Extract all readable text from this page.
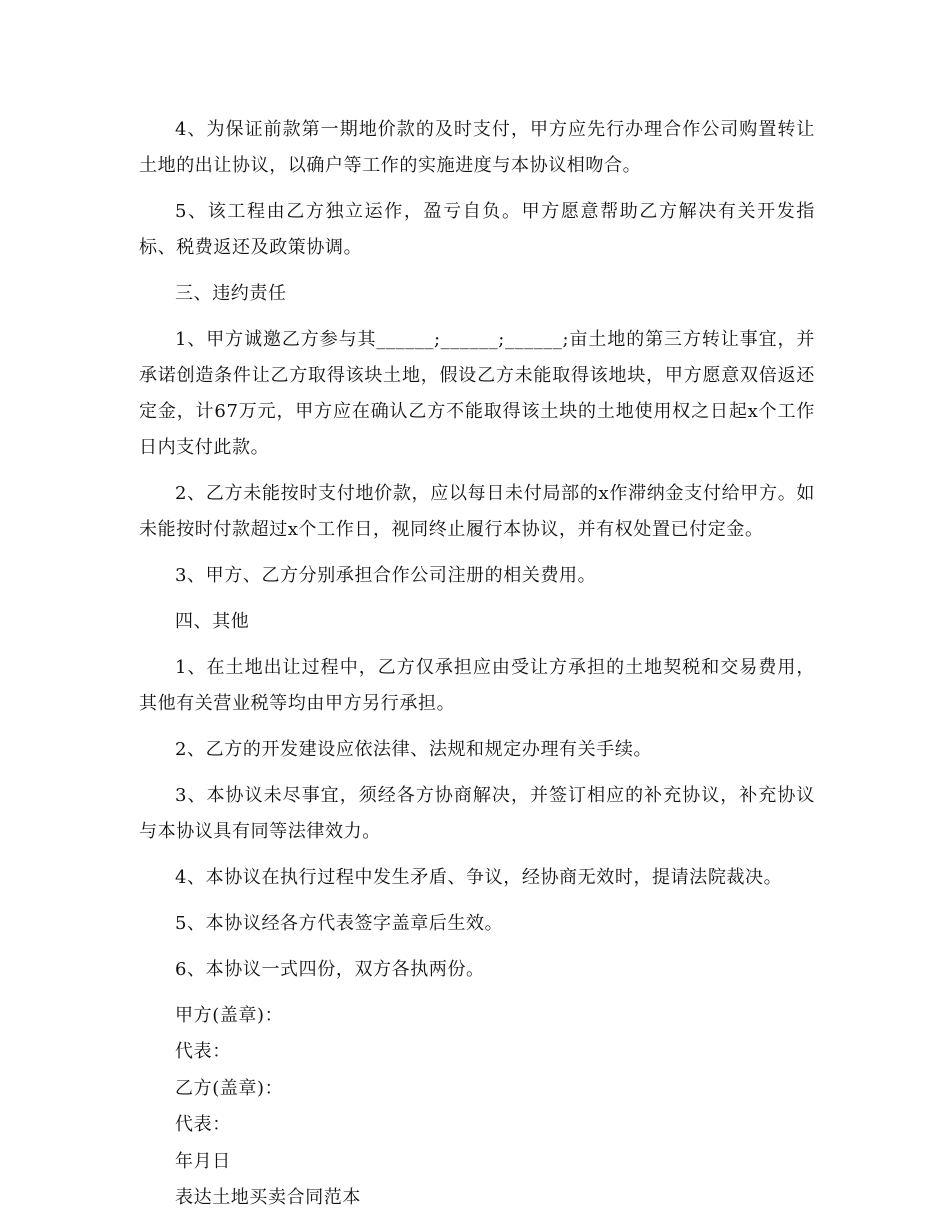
4、为保证前款第一期地价款的及时支付，甲方应先行办理合作公司购置转让土地的出让协议，以确户等工作的实施进度与本协议相吻合。

5、该工程由乙方独立运作，盈亏自负。甲方愿意帮助乙方解决有关开发指标、税费返还及政策协调。

三、违约责任

1、甲方诚邀乙方参与其______;______;______;亩土地的第三方转让事宜，并承诺创造条件让乙方取得该块土地，假设乙方未能取得该地块，甲方愿意双倍返还定金，计67万元，甲方应在确认乙方不能取得该土块的土地使用权之日起x个工作日内支付此款。

2、乙方未能按时支付地价款，应以每日未付局部的x作滞纳金支付给甲方。如未能按时付款超过x个工作日，视同终止履行本协议，并有权处置已付定金。

3、甲方、乙方分别承担合作公司注册的相关费用。

四、其他

1、在土地出让过程中，乙方仅承担应由受让方承担的土地契税和交易费用，其他有关营业税等均由甲方另行承担。

2、乙方的开发建设应依法律、法规和规定办理有关手续。

3、本协议未尽事宜，须经各方协商解决，并签订相应的补充协议，补充协议与本协议具有同等法律效力。

4、本协议在执行过程中发生矛盾、争议，经协商无效时，提请法院裁决。

5、本协议经各方代表签字盖章后生效。

6、本协议一式四份，双方各执两份。

甲方(盖章)：

代表：

乙方(盖章)：

代表：

年月日

表达土地买卖合同范本
